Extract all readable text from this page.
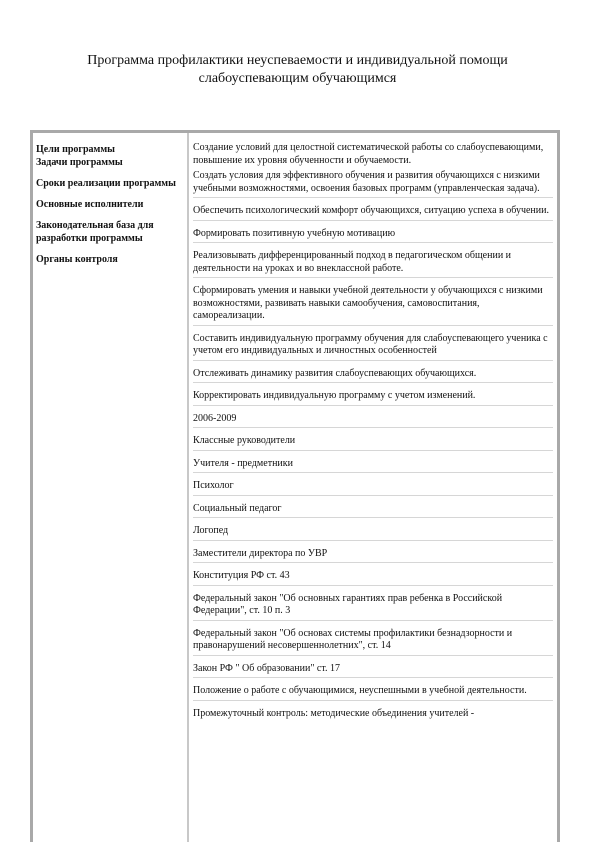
Программа профилактики неуспеваемости и индивидуальной помощи
слабоуспевающим обучающимся
Цели программы
Задачи программы
Сроки реализации программы
Основные исполнители
Законодательная база для разработки программы
Органы контроля
Создание условий для целостной систематической работы со слабоуспевающими, повышение их уровня обученности и обучаемости.
Создать условия для эффективного обучения и развития обучающихся с низкими учебными возможностями, освоения базовых программ (управленческая задача).
Обеспечить психологический комфорт обучающихся, ситуацию успеха в обучении.
Формировать позитивную учебную мотивацию
Реализовывать дифференцированный подход в педагогическом общении и деятельности на уроках и во внеклассной работе.
Сформировать умения и навыки учебной деятельности у обучающихся с низкими возможностями, развивать навыки самообучения, самовоспитания, самореализации.
Составить индивидуальную программу обучения для слабоуспевающего ученика с учетом его индивидуальных и личностных особенностей
Отслеживать динамику развития слабоуспевающих обучающихся.
Корректировать индивидуальную программу с учетом изменений.
2006-2009
Классные руководители
Учителя - предметники
Психолог
Социальный педагог
Логопед
Заместители директора по УВР
Конституция РФ ст. 43
Федеральный закон "Об основных гарантиях прав ребенка в Российской Федерации", ст. 10 п. 3
Федеральный закон "Об основах системы профилактики безнадзорности и правонарушений несовершеннолетних", ст. 14
Закон РФ " Об образовании" ст. 17
Положение о работе с обучающимися, неуспешными в учебной деятельности.
Промежуточный контроль: методические объединения учителей -
